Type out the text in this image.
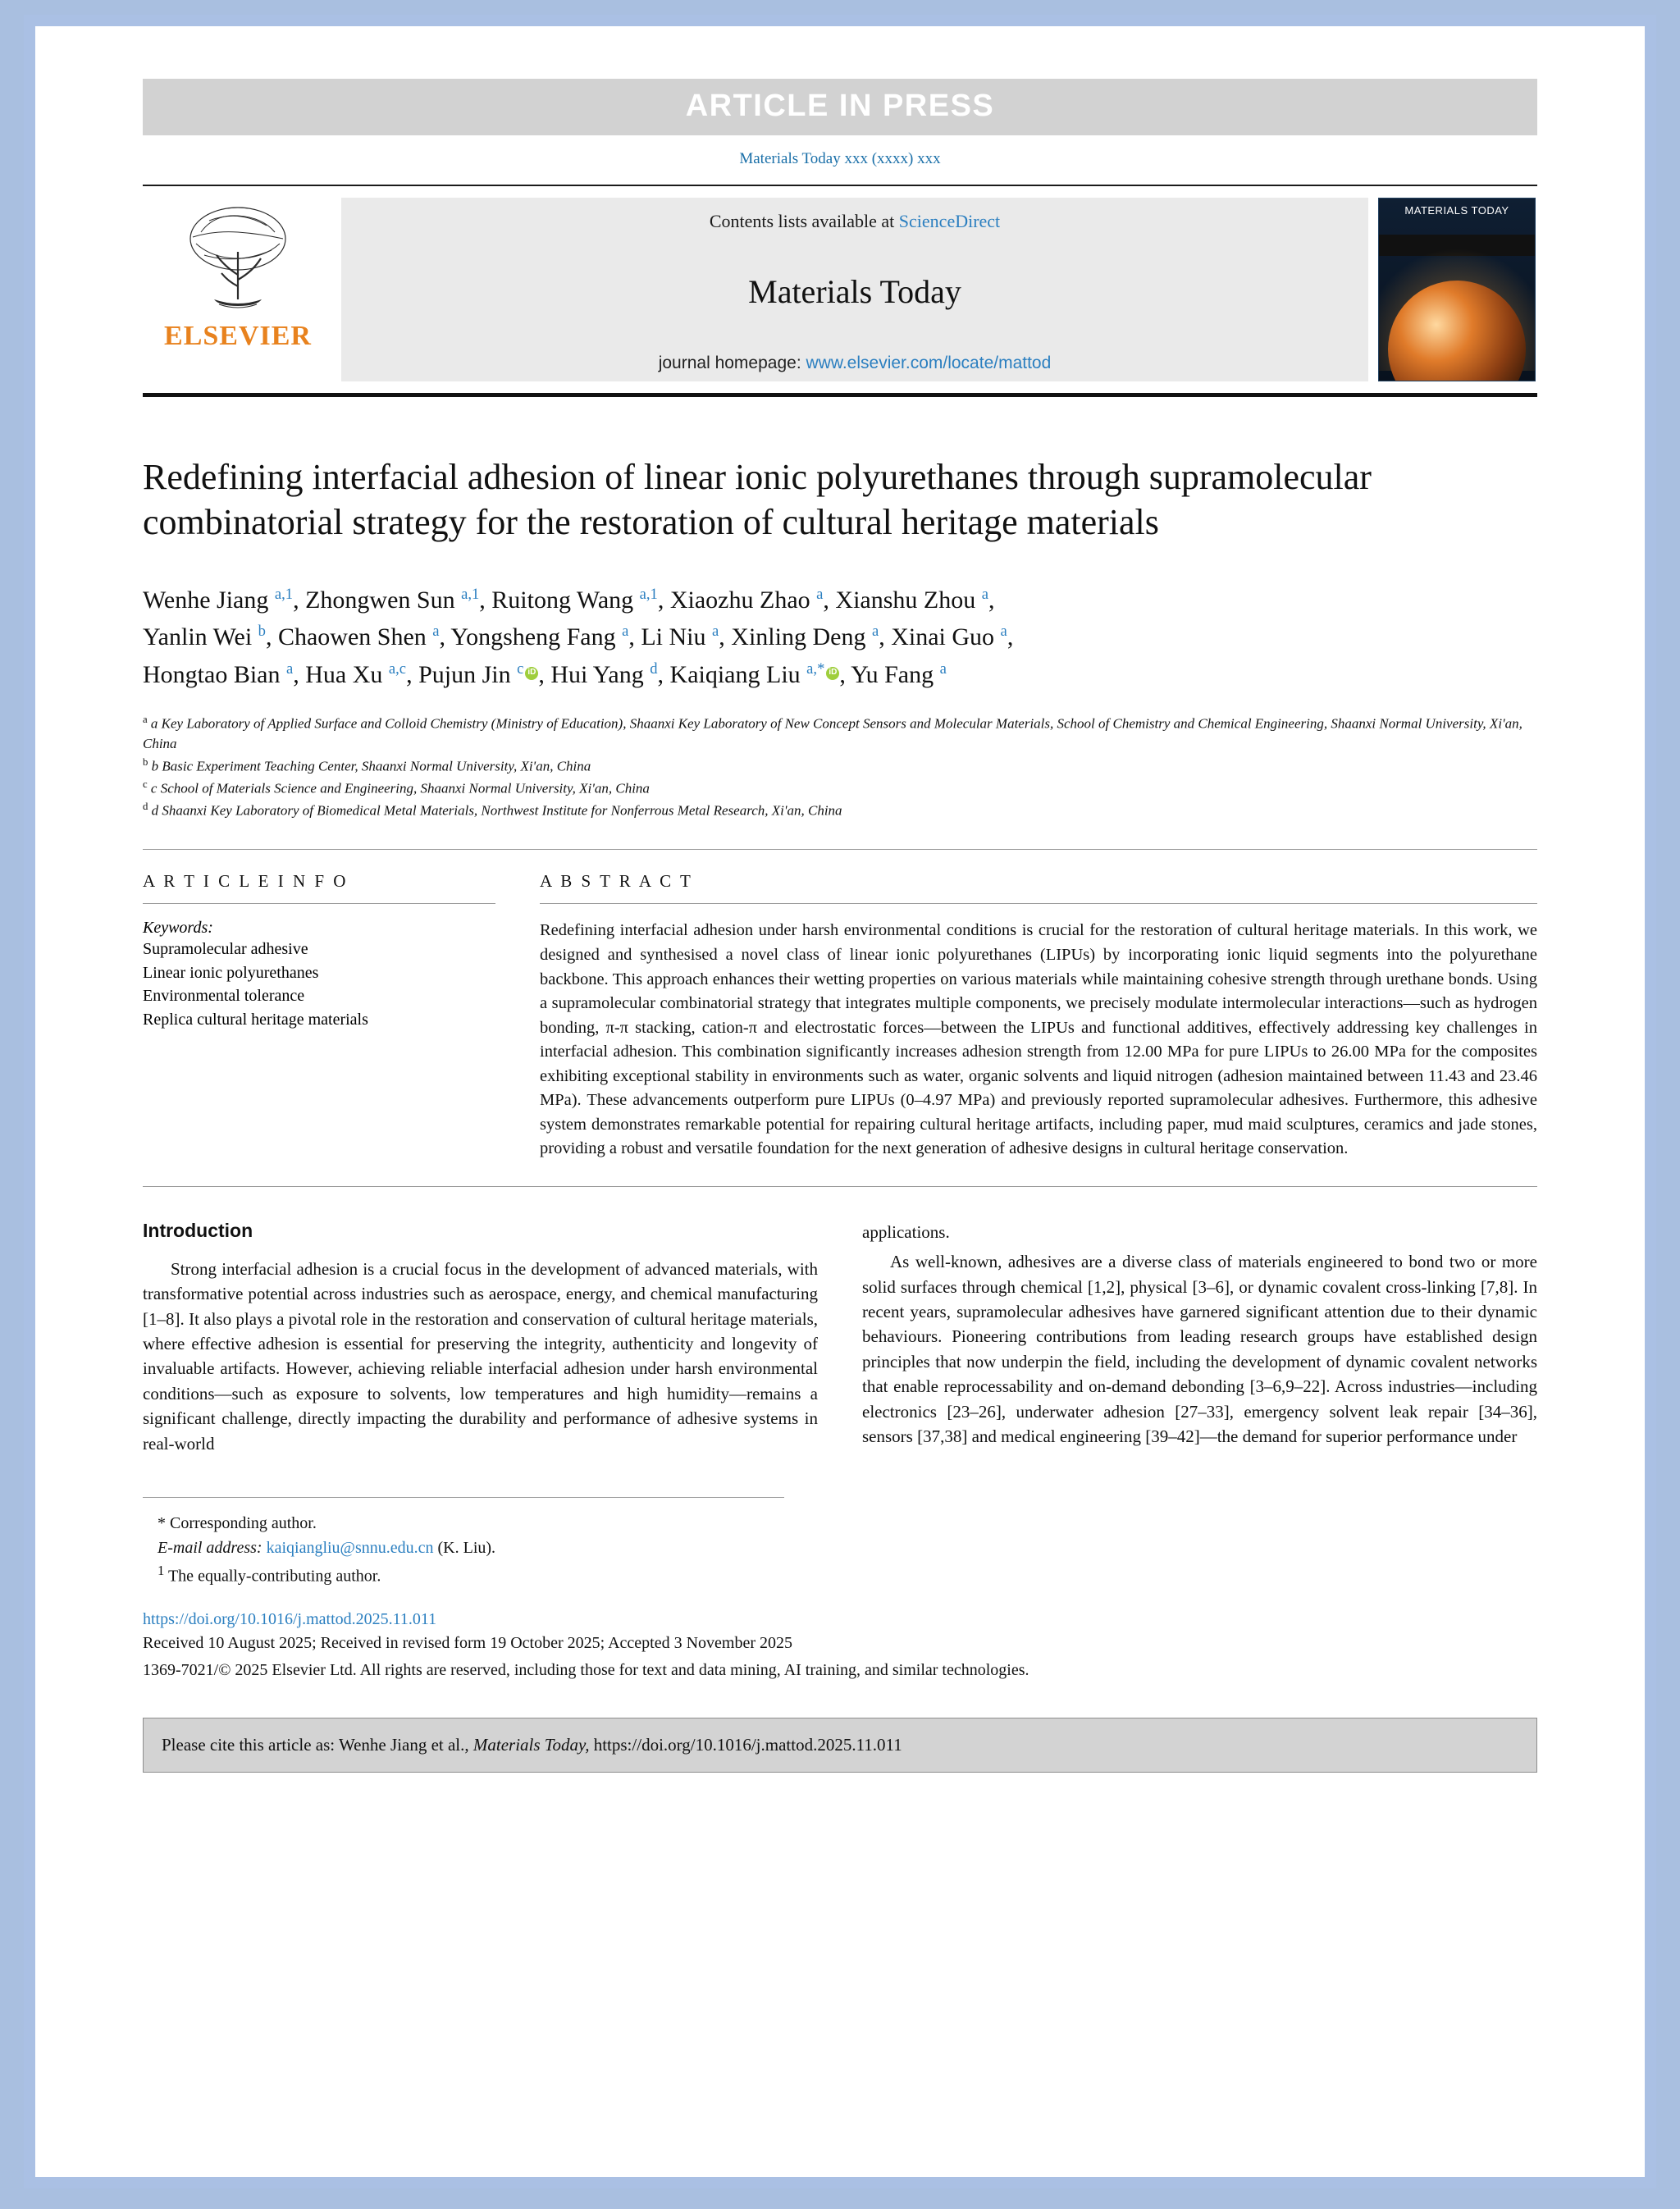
ARTICLE IN PRESS
Materials Today xxx (xxxx) xxx
ELSEVIER
Contents lists available at ScienceDirect
Materials Today
journal homepage: www.elsevier.com/locate/mattod
MATERIALS TODAY
Redefining interfacial adhesion of linear ionic polyurethanes through supramolecular combinatorial strategy for the restoration of cultural heritage materials
Wenhe Jiang $^{a,1}$, Zhongwen Sun $^{a,1}$, Ruitong Wang $^{a,1}$, Xiaozhu Zhao $^a$, Xianshu Zhou $^a$,
Yanlin Wei $^b$, Chaowen Shen $^a$, Yongsheng Fang $^a$, Li Niu $^a$, Xinling Deng $^a$, Xinai Guo $^a$,
Hongtao Bian $^a$, Hua Xu $^{a,c}$, Pujun Jin $^c$ iD , Hui Yang $^d$, Kaiqiang Liu $^{a,*}$ iD , Yu Fang $^a$
$^a$ a Key Laboratory of Applied Surface and Colloid Chemistry (Ministry of Education), Shaanxi Key Laboratory of New Concept Sensors and Molecular Materials, School of Chemistry and Chemical Engineering, Shaanxi Normal University, Xi'an, China
$^b$ b Basic Experiment Teaching Center, Shaanxi Normal University, Xi'an, China
$^c$ c School of Materials Science and Engineering, Shaanxi Normal University, Xi'an, China
$^d$ d Shaanxi Key Laboratory of Biomedical Metal Materials, Northwest Institute for Nonferrous Metal Research, Xi'an, China
A R T I C L E I N F O
Keywords:
Supramolecular adhesive
Linear ionic polyurethanes
Environmental tolerance
Replica cultural heritage materials
A B S T R A C T
Redefining interfacial adhesion under harsh environmental conditions is crucial for the restoration of cultural heritage materials. In this work, we designed and synthesised a novel class of linear ionic polyurethanes (LIPUs) by incorporating ionic liquid segments into the polyurethane backbone. This approach enhances their wetting properties on various materials while maintaining cohesive strength through urethane bonds. Using a supramolecular combinatorial strategy that integrates multiple components, we precisely modulate intermolecular interactions—such as hydrogen bonding, π-π stacking, cation-π and electrostatic forces—between the LIPUs and functional additives, effectively addressing key challenges in interfacial adhesion. This combination significantly increases adhesion strength from 12.00 MPa for pure LIPUs to 26.00 MPa for the composites exhibiting exceptional stability in environments such as water, organic solvents and liquid nitrogen (adhesion maintained between 11.43 and 23.46 MPa). These advancements outperform pure LIPUs (0–4.97 MPa) and previously reported supramolecular adhesives. Furthermore, this adhesive system demonstrates remarkable potential for repairing cultural heritage artifacts, including paper, mud maid sculptures, ceramics and jade stones, providing a robust and versatile foundation for the next generation of adhesive designs in cultural heritage conservation.
Introduction

Strong interfacial adhesion is a crucial focus in the development of advanced materials, with transformative potential across industries such as aerospace, energy, and chemical manufacturing [1–8]. It also plays a pivotal role in the restoration and conservation of cultural heritage materials, where effective adhesion is essential for preserving the integrity, authenticity and longevity of invaluable artifacts. However, achieving reliable interfacial adhesion under harsh environmental conditions—such as exposure to solvents, low temperatures and high humidity—remains a significant challenge, directly impacting the durability and performance of adhesive systems in real-world

applications.

As well-known, adhesives are a diverse class of materials engineered to bond two or more solid surfaces through chemical [1,2], physical [3–6], or dynamic covalent cross-linking [7,8]. In recent years, supramolecular adhesives have garnered significant attention due to their dynamic behaviours. Pioneering contributions from leading research groups have established design principles that now underpin the field, including the development of dynamic covalent networks that enable reprocessability and on-demand debonding [3–6,9–22]. Across industries—including electronics [23–26], underwater adhesion [27–33], emergency solvent leak repair [34–36], sensors [37,38] and medical engineering [39–42]—the demand for superior performance under

* Corresponding author.
E-mail address: kaiqiangliu@snnu.edu.cn (K. Liu).
$^1$ The equally-contributing author.
https://doi.org/10.1016/j.mattod.2025.11.011
Received 10 August 2025; Received in revised form 19 October 2025; Accepted 3 November 2025
1369-7021/© 2025 Elsevier Ltd. All rights are reserved, including those for text and data mining, AI training, and similar technologies.
Please cite this article as: Wenhe Jiang et al., Materials Today, https://doi.org/10.1016/j.mattod.2025.11.011
